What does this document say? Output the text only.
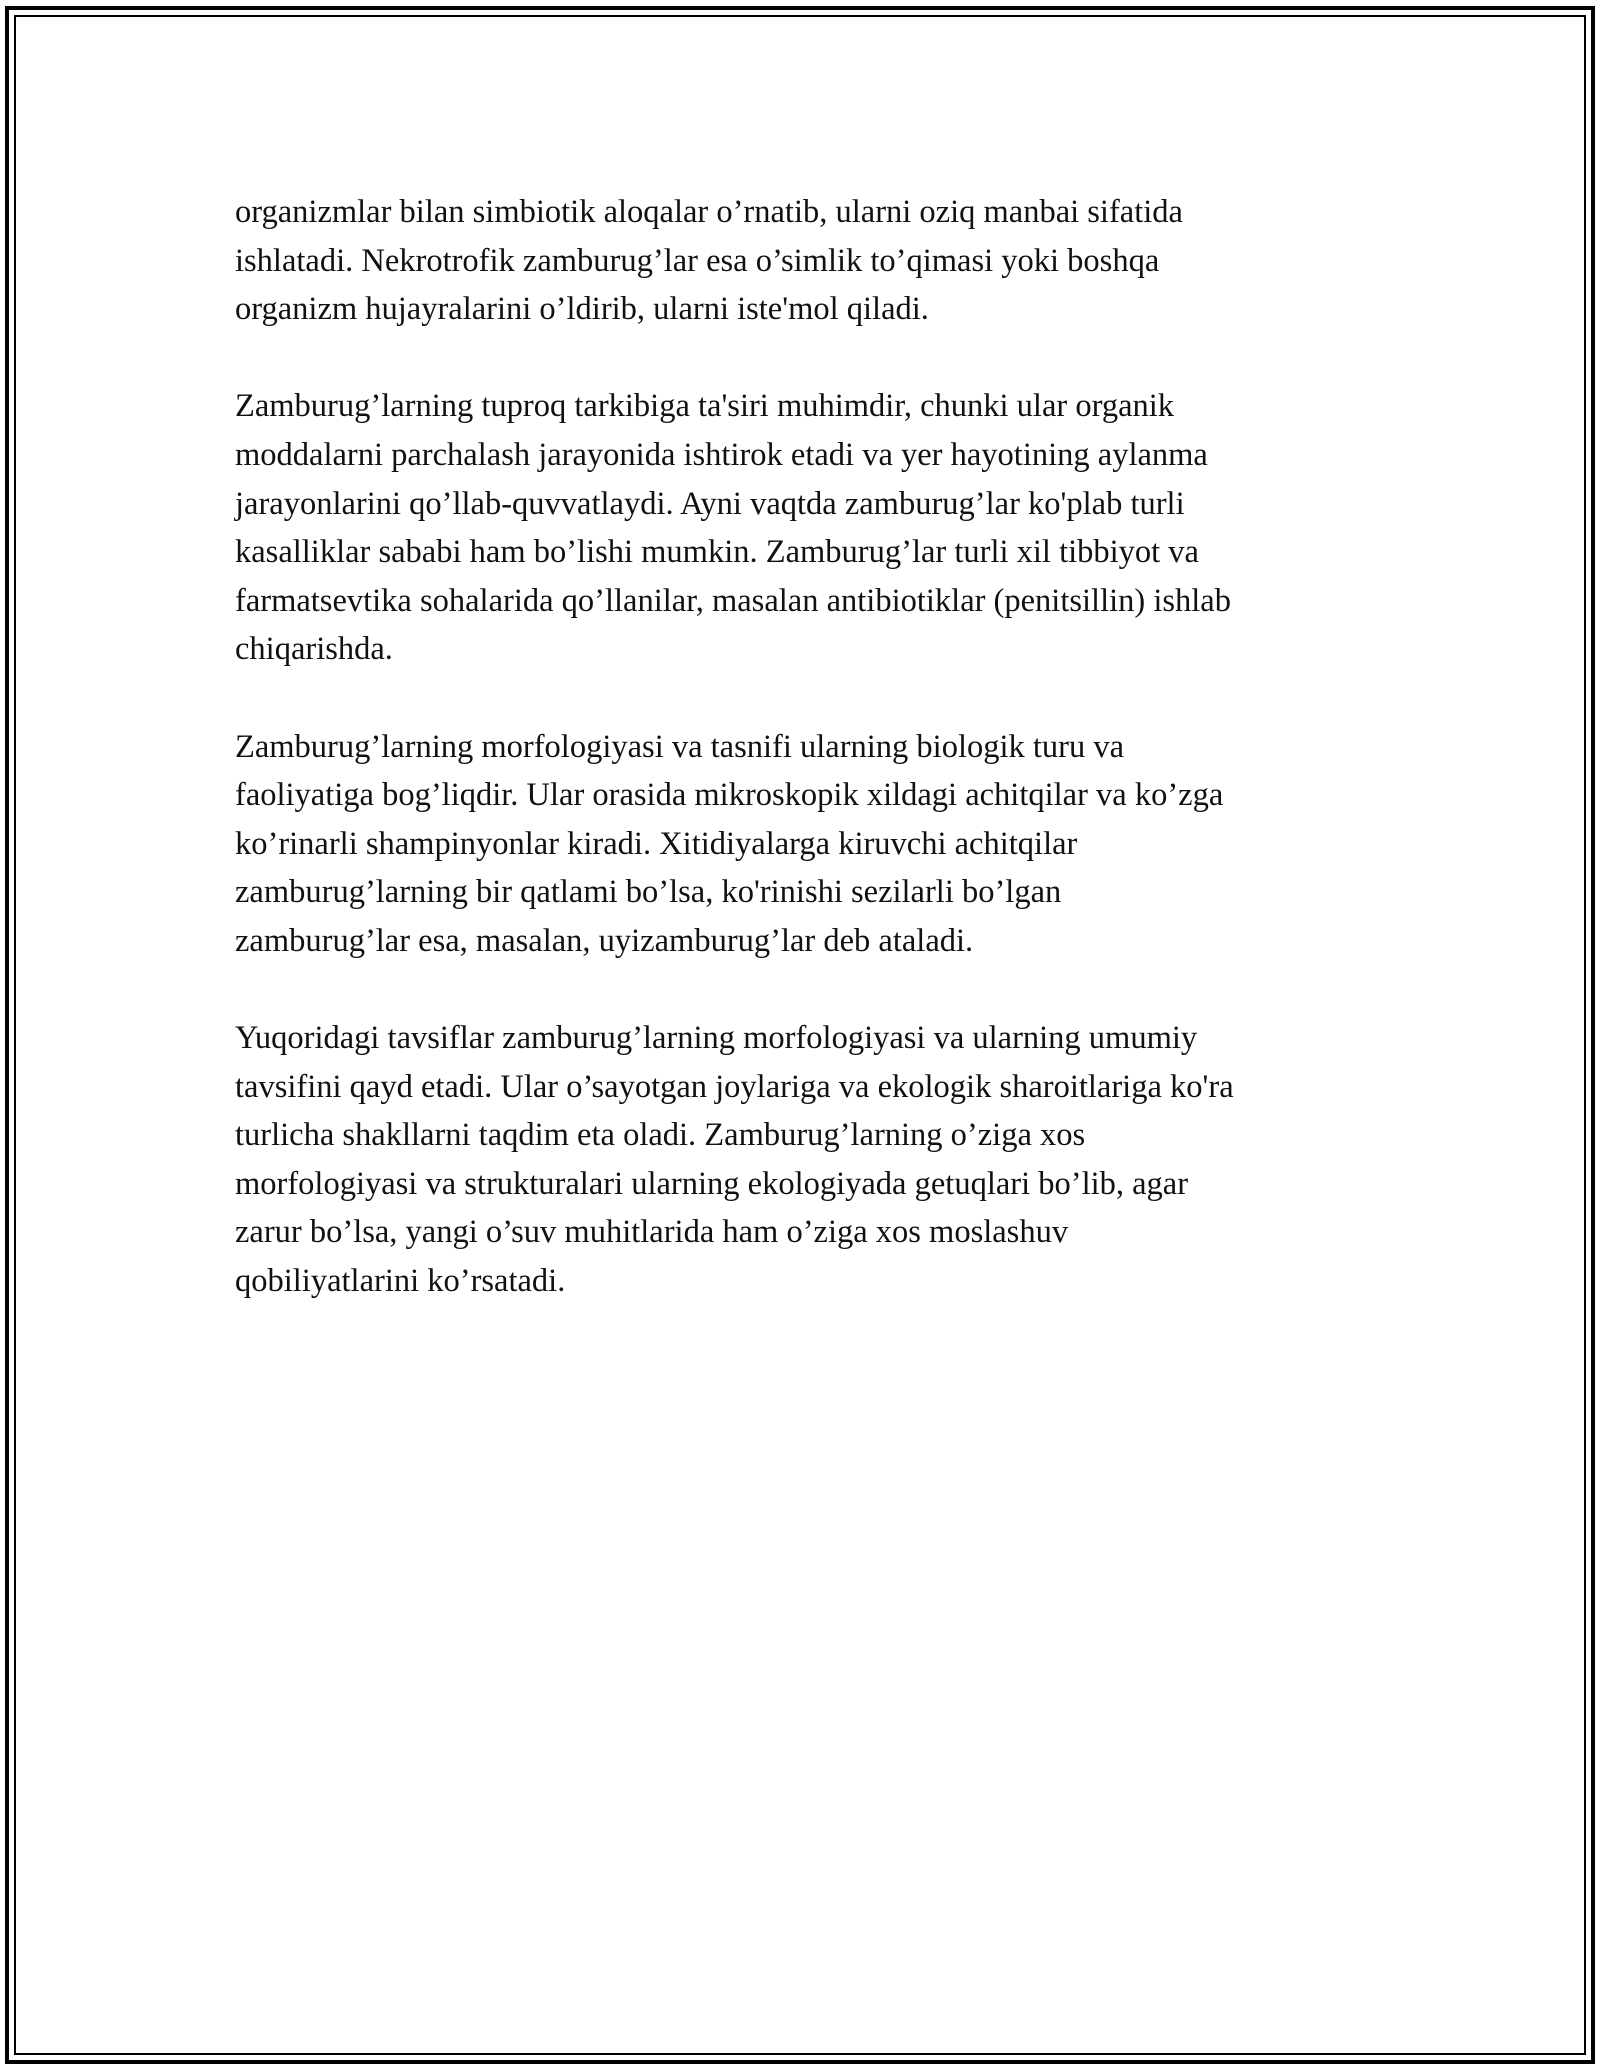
organizmlar bilan simbiotik aloqalar o’rnatib, ularni oziq manbai sifatida
ishlatadi. Nekrotrofik zamburug’lar esa o’simlik to’qimasi yoki boshqa
organizm hujayralarini o’ldirib, ularni iste'mol qiladi.

Zamburug’larning tuproq tarkibiga ta'siri muhimdir, chunki ular organik
moddalarni parchalash jarayonida ishtirok etadi va yer hayotining aylanma
jarayonlarini qo’llab-quvvatlaydi. Ayni vaqtda zamburug’lar ko'plab turli
kasalliklar sababi ham bo’lishi mumkin. Zamburug’lar turli xil tibbiyot va
farmatsevtika sohalarida qo’llanilar, masalan antibiotiklar (penitsillin) ishlab
chiqarishda.

Zamburug’larning morfologiyasi va tasnifi ularning biologik turu va
faoliyatiga bog’liqdir. Ular orasida mikroskopik xildagi achitqilar va ko’zga
ko’rinarli shampinyonlar kiradi. Xitidiyalarga kiruvchi achitqilar
zamburug’larning bir qatlami bo’lsa, ko'rinishi sezilarli bo’lgan
zamburug’lar esa, masalan, uyizamburug’lar deb ataladi.

Yuqoridagi tavsiflar zamburug’larning morfologiyasi va ularning umumiy
tavsifini qayd etadi. Ular o’sayotgan joylariga va ekologik sharoitlariga ko'ra
turlicha shakllarni taqdim eta oladi. Zamburug’larning o’ziga xos
morfologiyasi va strukturalari ularning ekologiyada getuqlari bo’lib, agar
zarur bo’lsa, yangi o’suv muhitlarida ham o’ziga xos moslashuv
qobiliyatlarini ko’rsatadi.
